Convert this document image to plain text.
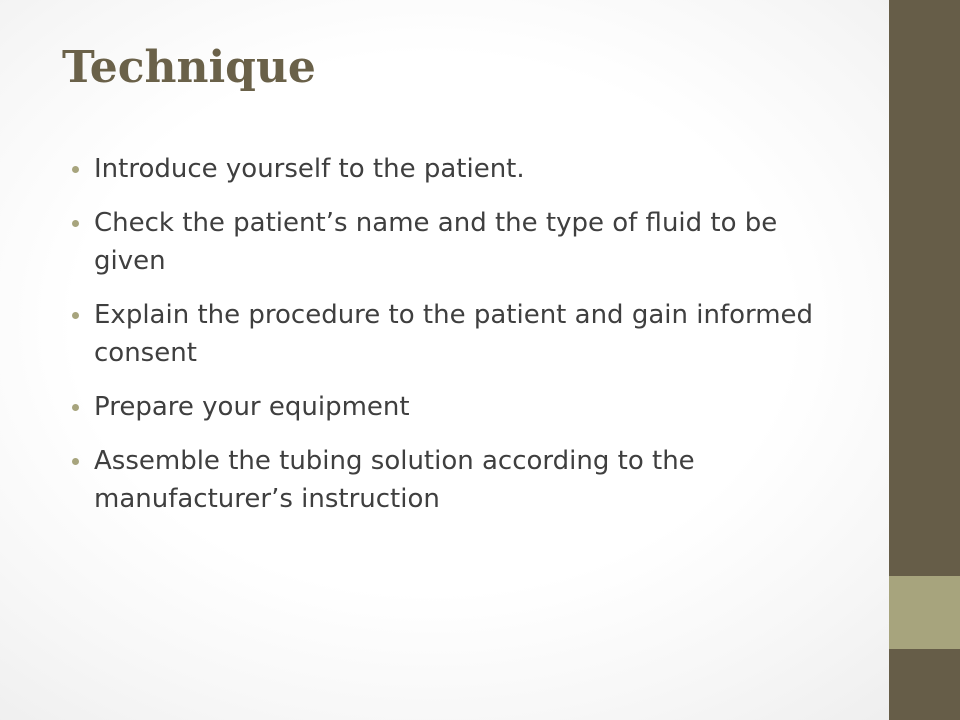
Technique
Introduce yourself to the patient.
Check the patient’s name and the type of fluid to be given
Explain the procedure to the patient and gain informed consent
Prepare your equipment
Assemble the tubing solution according to the manufacturer’s instruction
